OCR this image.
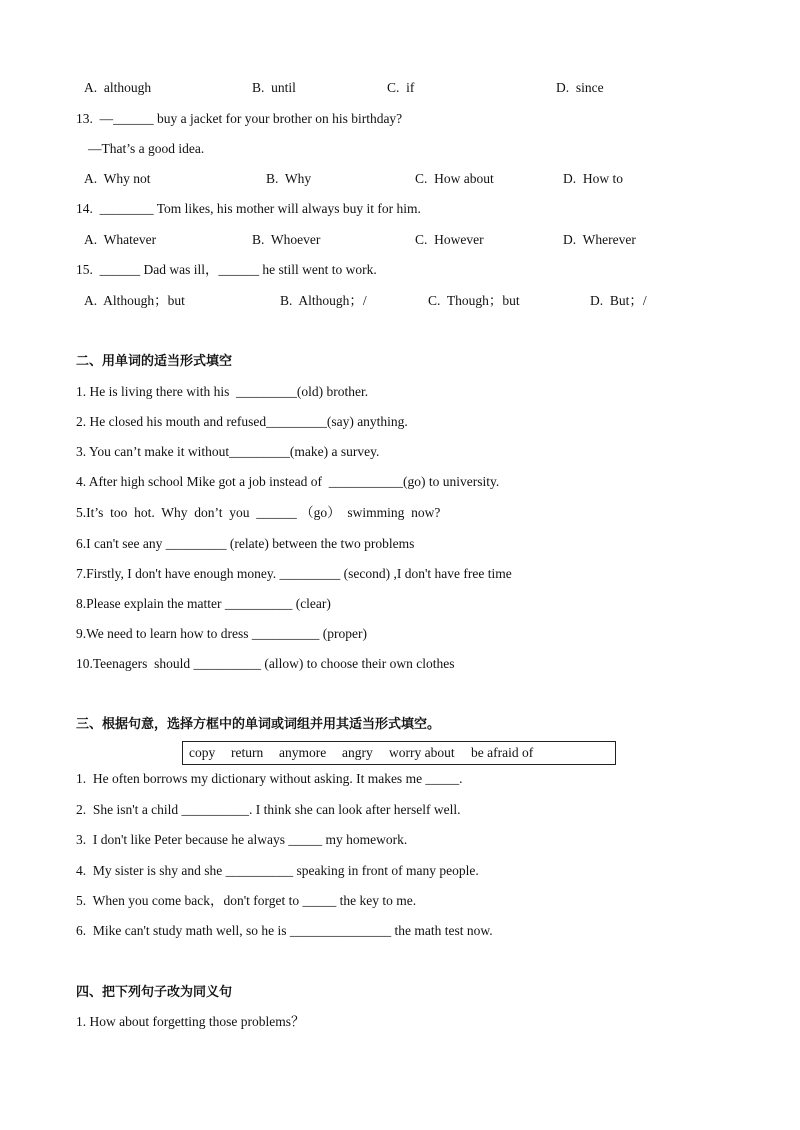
A.  although	B.  until	C.  if	D.  since
13.  —______ buy a jacket for your brother on his birthday?
—That’s a good idea.
A.  Why not	B.  Why	C.  How about	D.  How to
14.  ________ Tom likes, his mother will always buy it for him.
A.  Whatever	B.  Whoever	C.  However	D.  Wherever
15.  ______ Dad was ill，______ he still went to work.
A.  Although；but	B.  Although；/	C.  Though；but	D.  But；/
二、用单词的适当形式填空
1. He is living there with his  _________(old) brother.
2. He closed his mouth and refused_________(say) anything.
3. You can’t make it without_________(make) a survey.
4. After high school Mike got a job instead of  ___________(go) to university.
5.It’s  too  hot.  Why  don’t  you  ______ （go）  swimming  now?
6.I can't see any _________ (relate) between the two problems
7.Firstly, I don't have enough money. _________ (second) ,I don't have free time
8.Please explain the matter __________ (clear)
9.We need to learn how to dress __________ (proper)
10.Teenagers  should __________ (allow) to choose their own clothes
三、根据句意，选择方框中的单词或词组并用其适当形式填空。
copy return anymore angry worry about be afraid of
1.  He often borrows my dictionary without asking. It makes me _____.
2.  She isn't a child __________. I think she can look after herself well.
3.  I don't like Peter because he always _____ my homework.
4.  My sister is shy and she __________ speaking in front of many people.
5.  When you come back，don't forget to _____ the key to me.
6.  Mike can't study math well, so he is _______________ the math test now.
四、把下列句子改为同义句
1. How about forgetting those problems？
